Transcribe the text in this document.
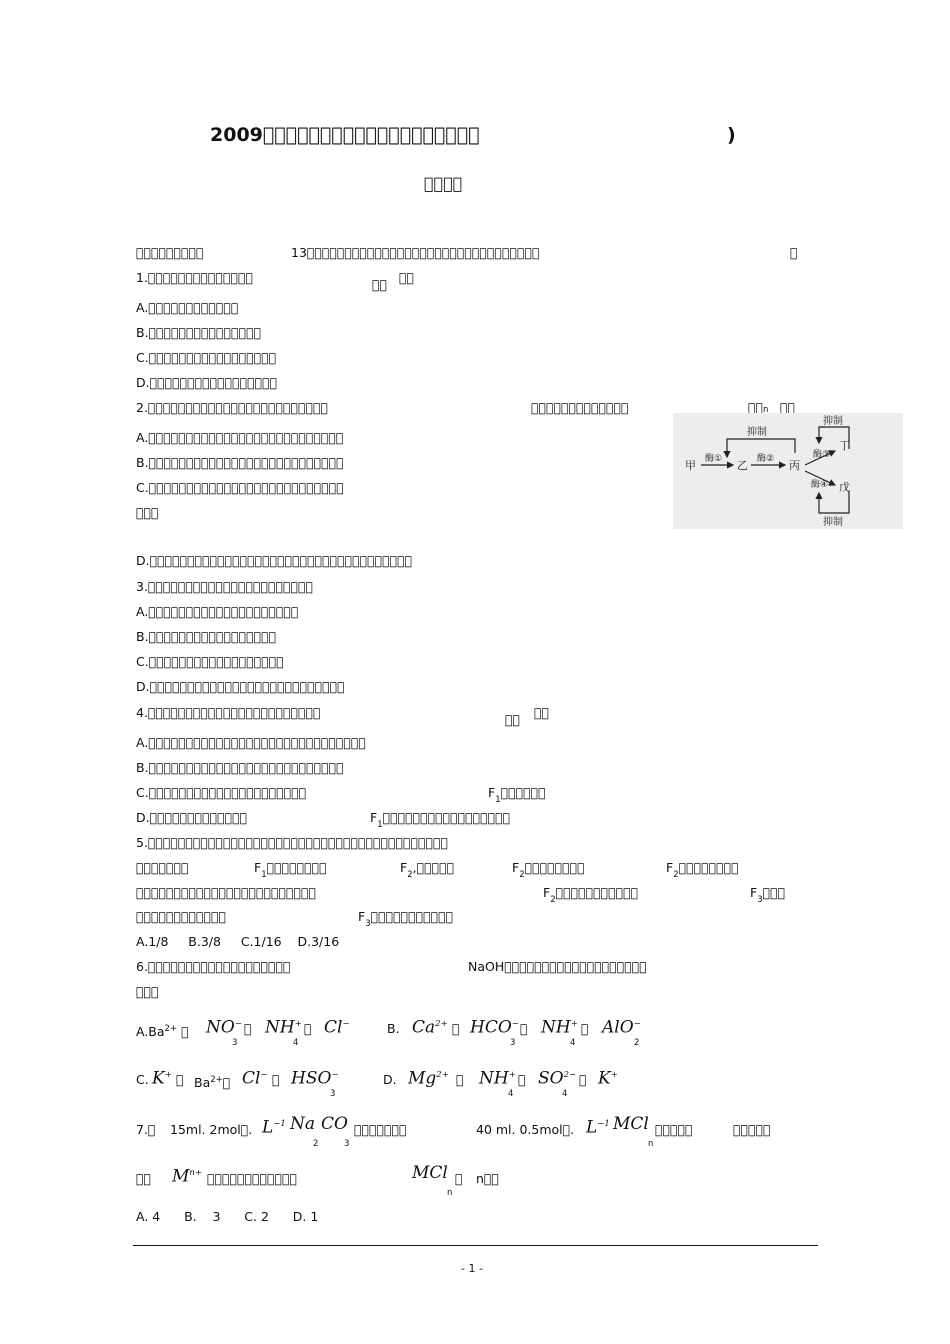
2009￿￿￿￿￿￿￿￿￿￿￿￿￿￿￿￿￿￿￿	)
￿￿￿￿
￿￿￿￿￿￿￿￿￿	13￿￿￿￿￿￿￿￿￿￿￿￿￿￿￿￿￿￿￿￿￿￿￿￿￿￿￿￿￿￿￿	￿
1.￿￿￿￿￿￿￿￿￿￿￿￿￿￿	￿￿ ￿￿
A.￿￿￿￿￿￿￿￿￿￿￿￿
B.￿￿￿￿￿￿￿￿￿￿￿￿￿￿￿
C.￿￿￿￿￿￿￿￿￿￿￿￿￿￿￿￿￿
D.￿￿￿￿￿￿￿￿￿￿￿￿￿￿￿￿￿
2.￿￿￿￿￿￿￿￿￿￿￿￿￿￿￿￿￿￿￿￿￿￿￿￿	￿￿￿￿￿￿￿￿￿￿￿￿￿	￿￿n ￿￿
A.￿￿￿￿￿￿￿￿￿￿￿￿￿￿￿￿￿￿￿￿￿￿￿￿￿￿
B.￿￿￿￿￿￿￿￿￿￿￿￿￿￿￿￿￿￿￿￿￿￿￿￿￿￿
C.￿￿￿￿￿￿￿￿￿￿￿￿￿￿￿￿￿￿￿￿￿￿￿￿￿￿
￿￿￿
D.￿￿￿￿￿￿￿￿￿￿￿￿￿￿￿￿￿￿￿￿￿￿￿￿￿￿￿￿￿￿￿￿￿￿￿
甲	乙	丙
丁
戊
酶①	酶②	酶③
酶④
抑制
抑制
抑制
3.￿￿￿￿￿￿￿￿￿￿￿￿￿￿￿￿￿￿￿￿￿￿
A.￿￿￿￿￿￿￿￿￿￿￿￿￿￿￿￿￿￿￿￿
B.￿￿￿￿￿￿￿￿￿￿￿￿￿￿￿￿￿
C.￿￿￿￿￿￿￿￿￿￿￿￿￿￿￿￿￿￿
D.￿￿￿￿￿￿￿￿￿￿￿￿￿￿￿￿￿￿￿￿￿￿￿￿￿￿
4.￿￿￿￿￿￿￿￿￿￿￿￿￿￿￿￿￿￿￿￿￿￿￿	￿￿ ￿￿
A.￿￿￿￿￿￿￿￿￿￿￿￿￿￿￿￿￿￿￿￿￿￿￿￿￿￿￿￿￿
B.￿￿￿￿￿￿￿￿￿￿￿￿￿￿￿￿￿￿￿￿￿￿￿￿￿￿
C.￿￿￿￿￿￿￿￿￿￿￿￿￿￿￿￿￿￿￿￿￿	$F_1￿￿￿￿￿￿$
D.￿￿￿￿￿￿￿￿￿￿￿￿￿	$F_1￿￿￿￿￿￿￿￿￿￿￿￿￿￿￿￿￿$
5.￿￿￿￿￿￿￿￿￿￿￿￿￿￿￿￿￿￿￿￿￿￿￿￿￿￿￿￿￿￿￿￿￿￿￿￿￿￿￿￿
￿￿￿￿￿￿￿	$F_1￿￿￿￿￿￿￿￿$	$F_2,￿￿￿￿￿$	$F_2￿￿￿￿￿￿￿￿$	$F_2￿￿￿￿￿￿￿￿$
￿￿￿￿￿￿￿￿￿￿￿￿￿￿￿￿￿￿￿￿￿￿￿￿	$F_2￿￿￿￿￿￿￿￿￿￿￿$	$F_3￿￿￿$
￿￿￿￿￿￿￿￿￿￿￿￿	$F_3￿￿￿￿￿￿￿￿￿￿￿$
A.1/8     B.3/8     C.1/16    D.3/16
6.￿￿￿￿￿￿￿￿￿￿￿￿￿￿￿￿￿￿￿	NaOH￿￿￿￿￿￿￿￿￿￿￿￿￿￿￿￿￿￿￿
￿￿￿
$A.Ba^{2+}$ ￿ NO−
3
￿ NH+
4
￿ Cl−	B. $Ca^{2+}$ ￿ HCO−
3
￿ NH+
4
￿ AlO−
2
C. K+ ￿ $Ba^{2+}￿$ Cl− ￿ HSO−
3
D. $Mg^{2+}$ ￿ NH+
4
￿ $SO^{2-}$
4
￿ K+
7.￿ 15ml. 2mol￿. $L^{-1}$ Na
2
CO
3
￿￿￿￿￿￿￿	40 ml. 0.5mol￿. $L^{-1}$ MCl
n
￿￿￿￿￿	￿￿￿￿￿
￿￿ $M^{n+}$ ￿￿￿￿￿￿￿￿￿￿￿￿	MCl
n
￿ n￿￿
A. 4      B.    3      C. 2      D. 1
- 1 -
